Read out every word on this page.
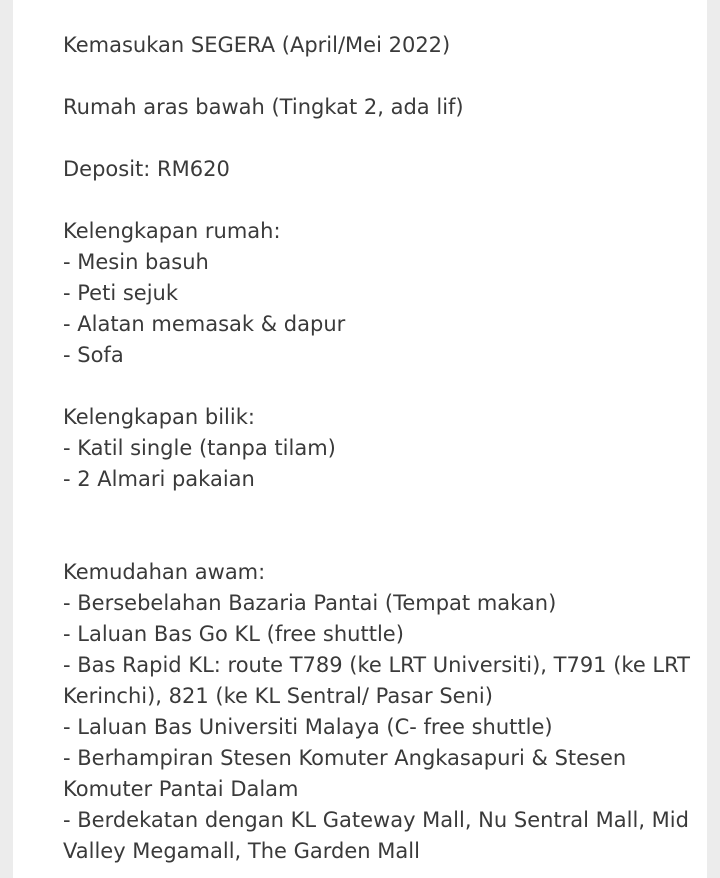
Kemasukan SEGERA (April/Mei 2022)
Rumah aras bawah (Tingkat 2, ada lif)
Deposit: RM620
Kelengkapan rumah:
- Mesin basuh
- Peti sejuk
- Alatan memasak & dapur
- Sofa
Kelengkapan bilik:
- Katil single (tanpa tilam)
- 2 Almari pakaian
Kemudahan awam:
- Bersebelahan Bazaria Pantai (Tempat makan)
- Laluan Bas Go KL (free shuttle)
- Bas Rapid KL: route T789 (ke LRT Universiti), T791 (ke LRT Kerinchi), 821 (ke KL Sentral/ Pasar Seni)
- Laluan Bas Universiti Malaya (C- free shuttle)
- Berhampiran Stesen Komuter Angkasapuri & Stesen Komuter Pantai Dalam
- Berdekatan dengan KL Gateway Mall, Nu Sentral Mall, Mid Valley Megamall, The Garden Mall
